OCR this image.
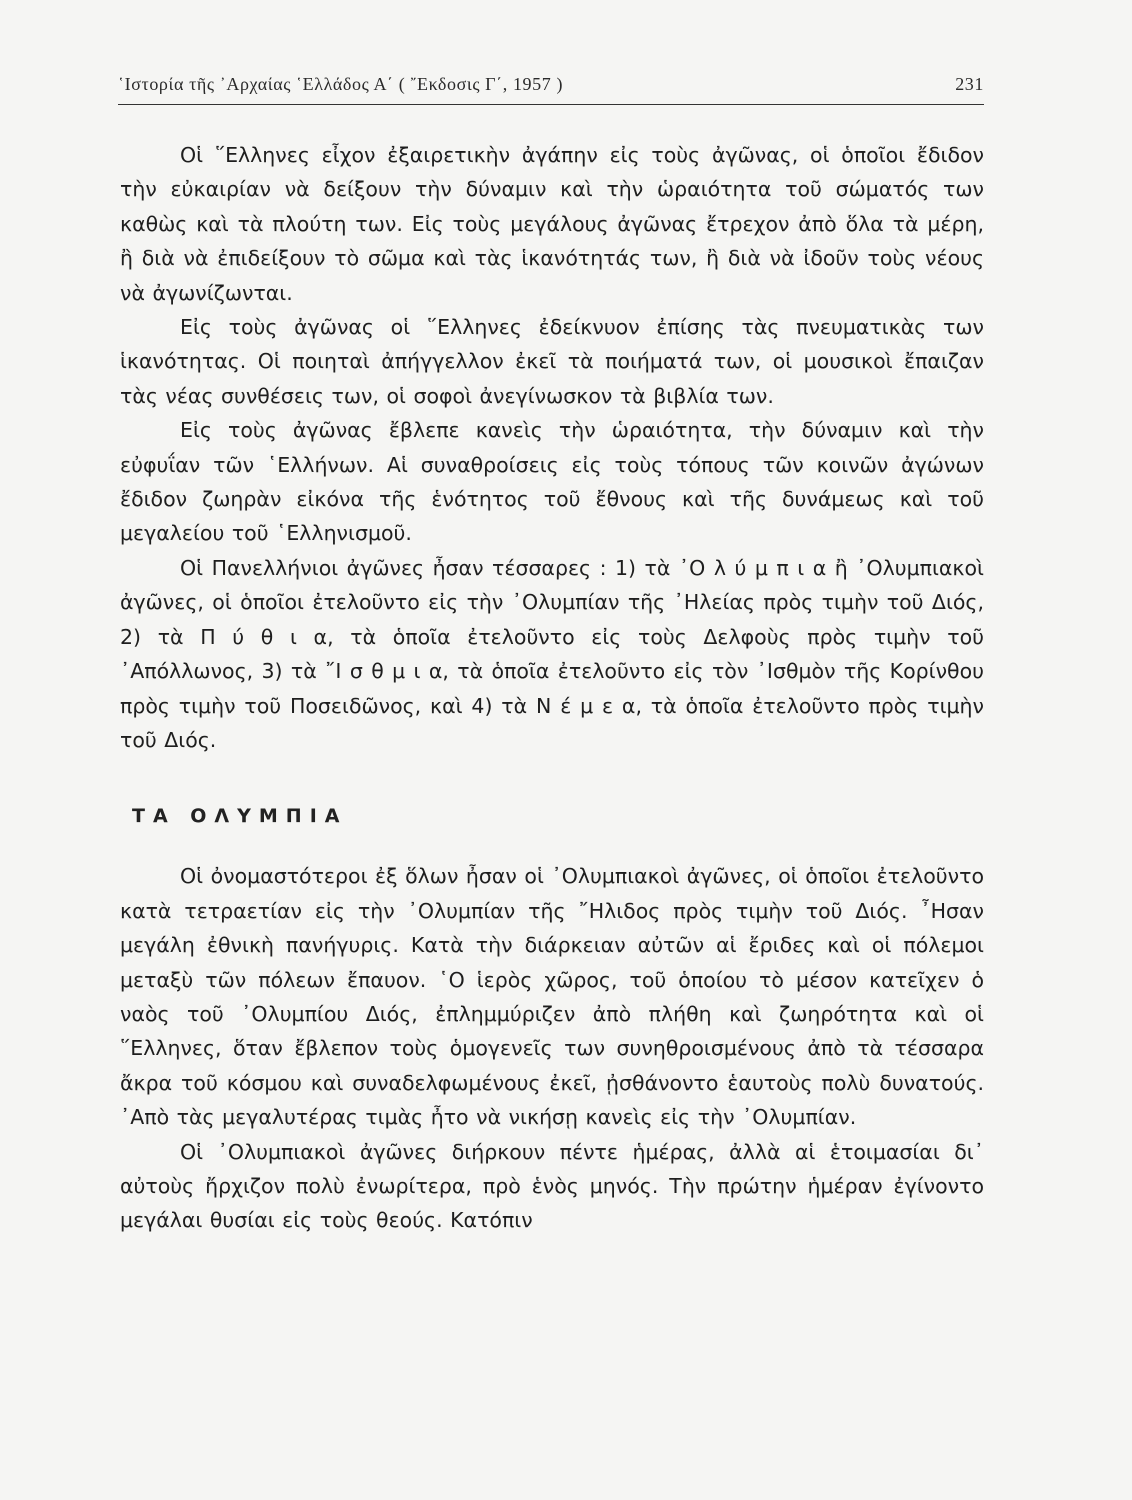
῾Ιστορία τῆς ᾿Αρχαίας ῾Ελλάδος Α΄ ( ῎Εκδοσις Γ΄, 1957 )	231

Οἱ ῞Ελληνες εἶχον ἐξαιρετικὴν ἀγάπην εἰς τοὺς ἀγῶνας, οἱ ὁποῖοι ἔδιδον τὴν εὐκαιρίαν νὰ δείξουν τὴν δύναμιν καὶ τὴν ὡραιότητα τοῦ σώματός των καθὼς καὶ τὰ πλούτη των. Εἰς τοὺς μεγάλους ἀγῶνας ἔτρεχον ἀπὸ ὅλα τὰ μέρη, ἢ διὰ νὰ ἐπιδείξουν τὸ σῶμα καὶ τὰς ἱκανότητάς των, ἢ διὰ νὰ ἰδοῦν τοὺς νέους νὰ ἀγωνίζωνται.

Εἰς τοὺς ἀγῶνας οἱ ῞Ελληνες ἐδείκνυον ἐπίσης τὰς πνευματικὰς των ἱκανότητας. Οἱ ποιηταὶ ἀπήγγελλον ἐκεῖ τὰ ποιήματά των, οἱ μουσικοὶ ἔπαιζαν τὰς νέας συνθέσεις των, οἱ σοφοὶ ἀνεγίνωσκον τὰ βιβλία των.

Εἰς τοὺς ἀγῶνας ἔβλεπε κανεὶς τὴν ὡραιότητα, τὴν δύναμιν καὶ τὴν εὐφυΐαν τῶν ῾Ελλήνων. Αἱ συναθροίσεις εἰς τοὺς τόπους τῶν κοινῶν ἀγώνων ἔδιδον ζωηρὰν εἰκόνα τῆς ἑνότητος τοῦ ἔθνους καὶ τῆς δυνάμεως καὶ τοῦ μεγαλείου τοῦ ῾Ελληνισμοῦ.

Οἱ Πανελλήνιοι ἀγῶνες ἦσαν τέσσαρες : 1) τὰ ᾿Ο λ ύ μ π ι α ἢ ᾿Ολυμπιακοὶ ἀγῶνες, οἱ ὁποῖοι ἐτελοῦντο εἰς τὴν ᾿Ολυμπίαν τῆς ᾿Ηλείας πρὸς τιμὴν τοῦ Διός, 2) τὰ Π ύ θ ι α, τὰ ὁποῖα ἐτελοῦντο εἰς τοὺς Δελφοὺς πρὸς τιμὴν τοῦ ᾿Απόλλωνος, 3) τὰ ῎Ι σ θ μ ι α, τὰ ὁποῖα ἐτελοῦντο εἰς τὸν ᾿Ισθμὸν τῆς Κορίνθου πρὸς τιμὴν τοῦ Ποσειδῶνος, καὶ 4) τὰ Ν έ μ ε α, τὰ ὁποῖα ἐτελοῦντο πρὸς τιμὴν τοῦ Διός.

ΤΑ ΟΛΥΜΠΙΑ

Οἱ ὀνομαστότεροι ἐξ ὅλων ἦσαν οἱ ᾿Ολυμπιακοὶ ἀγῶνες, οἱ ὁποῖοι ἐτελοῦντο κατὰ τετραετίαν εἰς τὴν ᾿Ολυμπίαν τῆς ῎Ηλιδος πρὸς τιμὴν τοῦ Διός. ῏Ησαν μεγάλη ἐθνικὴ πανήγυρις. Κατὰ τὴν διάρκειαν αὐτῶν αἱ ἔριδες καὶ οἱ πόλεμοι μεταξὺ τῶν πόλεων ἔπαυον. ῾Ο ἱερὸς χῶρος, τοῦ ὁποίου τὸ μέσον κατεῖχεν ὁ ναὸς τοῦ ᾿Ολυμπίου Διός, ἐπλημμύριζεν ἀπὸ πλήθη καὶ ζωηρότητα καὶ οἱ ῞Ελληνες, ὅταν ἔβλεπον τοὺς ὁμογενεῖς των συνηθροισμένους ἀπὸ τὰ τέσσαρα ἄκρα τοῦ κόσμου καὶ συναδελφωμένους ἐκεῖ, ᾐσθάνοντο ἑαυτοὺς πολὺ δυνατούς. ᾿Απὸ τὰς μεγαλυτέρας τιμὰς ἦτο νὰ νικήσῃ κανεὶς εἰς τὴν ᾿Ολυμπίαν.

Οἱ ᾿Ολυμπιακοὶ ἀγῶνες διήρκουν πέντε ἡμέρας, ἀλλὰ αἱ ἑτοιμασίαι δι᾿ αὐτοὺς ἤρχιζον πολὺ ἐνωρίτερα, πρὸ ἑνὸς μηνός. Τὴν πρώτην ἡμέραν ἐγίνοντο μεγάλαι θυσίαι εἰς τοὺς θεούς. Κατόπιν
